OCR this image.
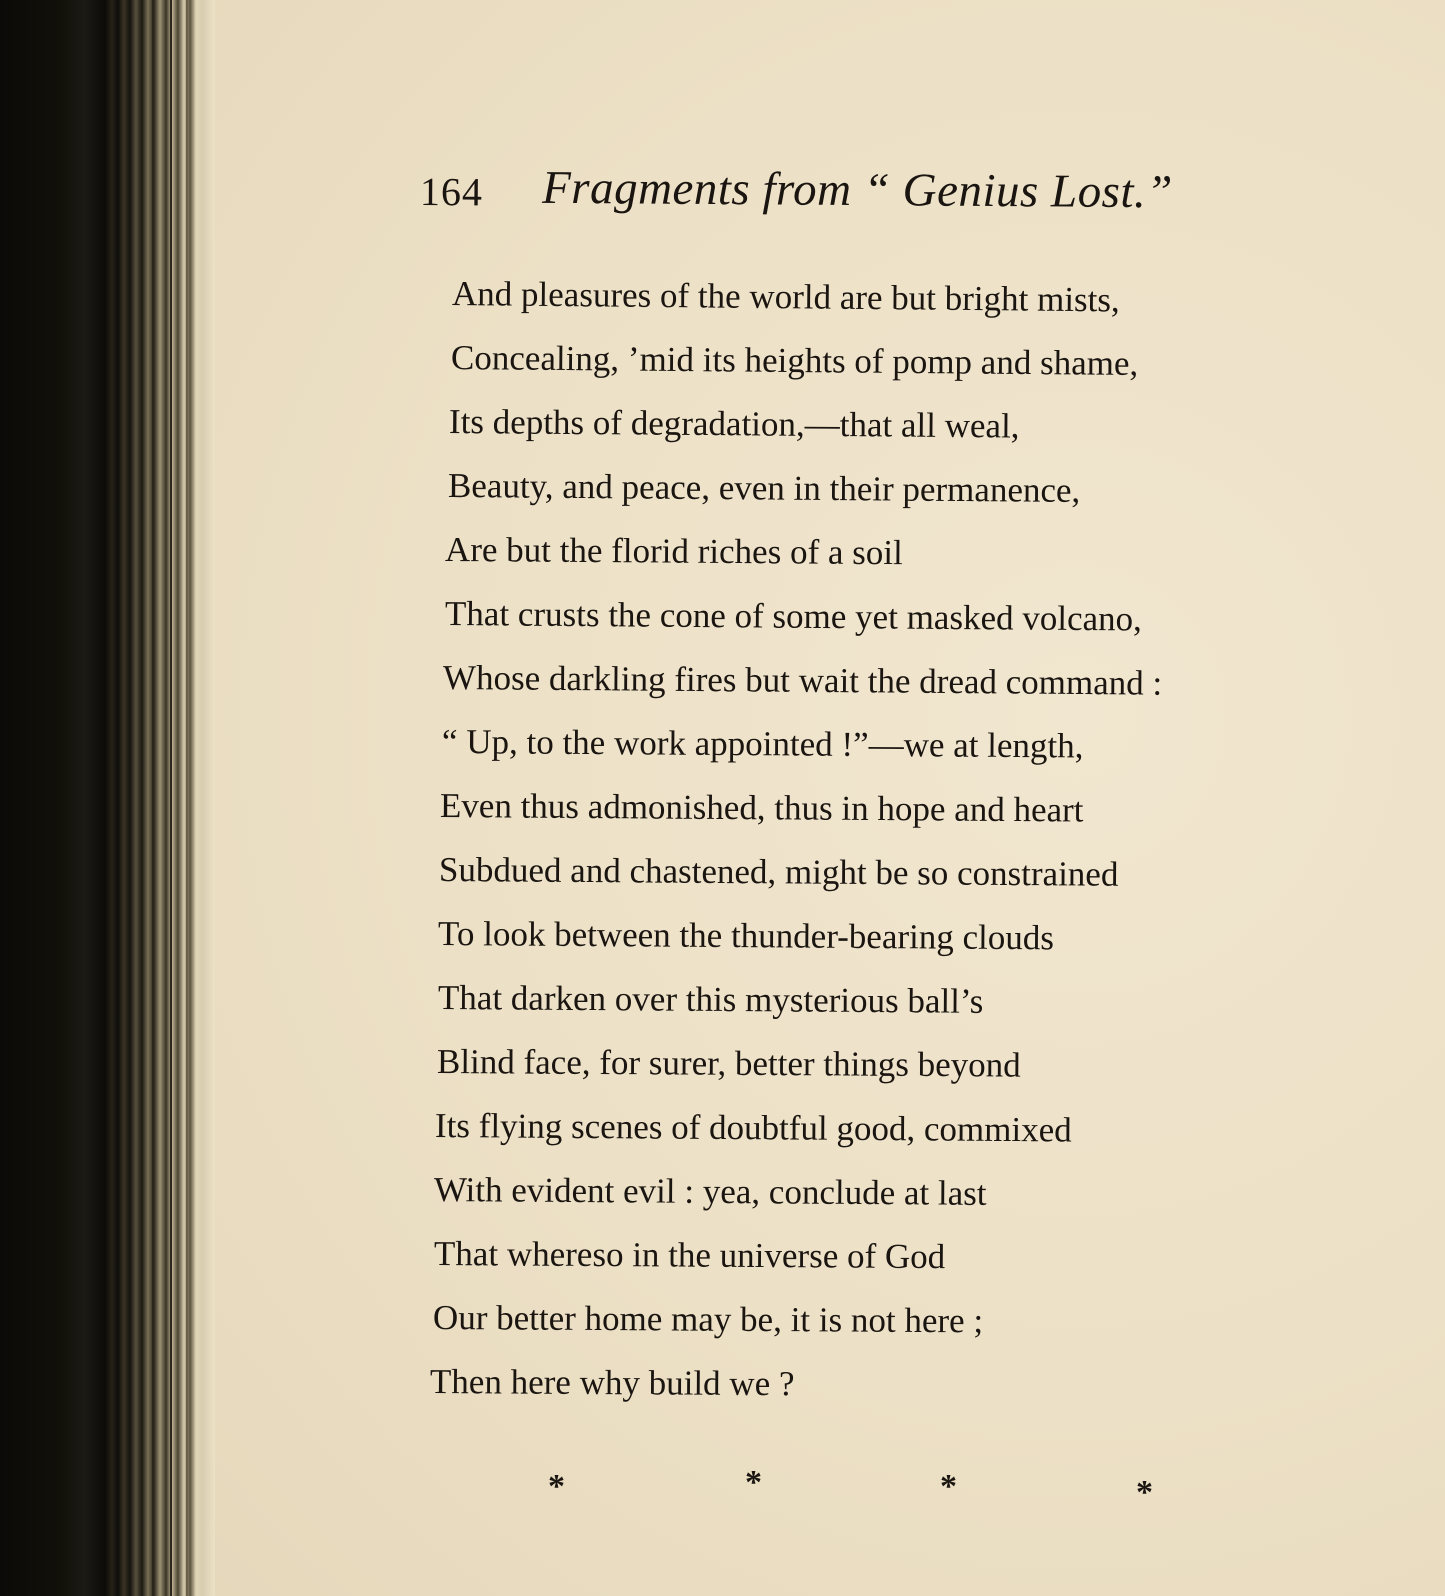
164 Fragments from “ Genius Lost.”
And pleasures of the world are but bright mists,
Concealing, ’mid its heights of pomp and shame,
Its depths of degradation,—that all weal,
Beauty, and peace, even in their permanence,
Are but the florid riches of a soil
That crusts the cone of some yet masked volcano,
Whose darkling fires but wait the dread command :
“ Up, to the work appointed !”—we at length,
Even thus admonished, thus in hope and heart
Subdued and chastened, might be so constrained
To look between the thunder-bearing clouds
That darken over this mysterious ball’s
Blind face, for surer, better things beyond
Its flying scenes of doubtful good, commixed
With evident evil : yea, conclude at last
That whereso in the universe of God
Our better home may be, it is not here ;
Then here why build we ?
*	*	*	*
